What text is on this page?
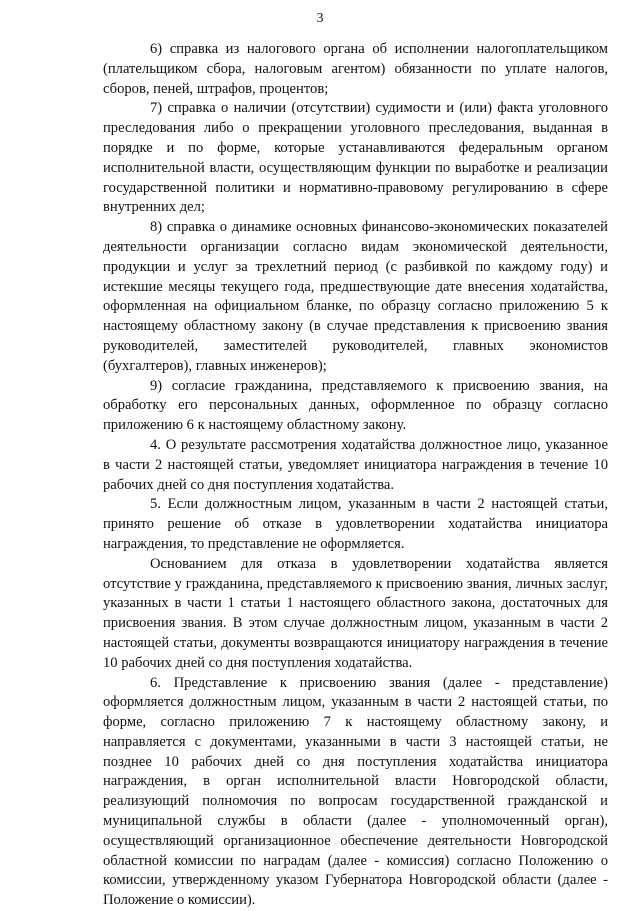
3

6) справка из налогового органа об исполнении налогоплательщиком (плательщиком сбора, налоговым агентом) обязанности по уплате налогов, сборов, пеней, штрафов, процентов;

7) справка о наличии (отсутствии) судимости и (или) факта уголовного преследования либо о прекращении уголовного преследования, выданная в порядке и по форме, которые устанавливаются федеральным органом исполнительной власти, осуществляющим функции по выработке и реализации государственной политики и нормативно-правовому регулированию в сфере внутренних дел;

8) справка о динамике основных финансово-экономических показателей деятельности организации согласно видам экономической деятельности, продукции и услуг за трехлетний период (с разбивкой по каждому году) и истекшие месяцы текущего года, предшествующие дате внесения ходатайства, оформленная на официальном бланке, по образцу согласно приложению 5 к настоящему областному закону (в случае представления к присвоению звания руководителей, заместителей руководителей, главных экономистов (бухгалтеров), главных инженеров);

9) согласие гражданина, представляемого к присвоению звания, на обработку его персональных данных, оформленное по образцу согласно приложению 6 к настоящему областному закону.

4. О результате рассмотрения ходатайства должностное лицо, указанное в части 2 настоящей статьи, уведомляет инициатора награждения в течение 10 рабочих дней со дня поступления ходатайства.

5. Если должностным лицом, указанным в части 2 настоящей статьи, принято решение об отказе в удовлетворении ходатайства инициатора награждения, то представление не оформляется.

Основанием для отказа в удовлетворении ходатайства является отсутствие у гражданина, представляемого к присвоению звания, личных заслуг, указанных в части 1 статьи 1 настоящего областного закона, достаточных для присвоения звания. В этом случае должностным лицом, указанным в части 2 настоящей статьи, документы возвращаются инициатору награждения в течение 10 рабочих дней со дня поступления ходатайства.

6. Представление к присвоению звания (далее - представление) оформляется должностным лицом, указанным в части 2 настоящей статьи, по форме, согласно приложению 7 к настоящему областному закону, и направляется с документами, указанными в части 3 настоящей статьи, не позднее 10 рабочих дней со дня поступления ходатайства инициатора награждения, в орган исполнительной власти Новгородской области, реализующий полномочия по вопросам государственной гражданской и муниципальной службы в области (далее - уполномоченный орган), осуществляющий организационное обеспечение деятельности Новгородской областной комиссии по наградам (далее - комиссия) согласно Положению о комиссии, утвержденному указом Губернатора Новгородской области (далее - Положение о комиссии).
